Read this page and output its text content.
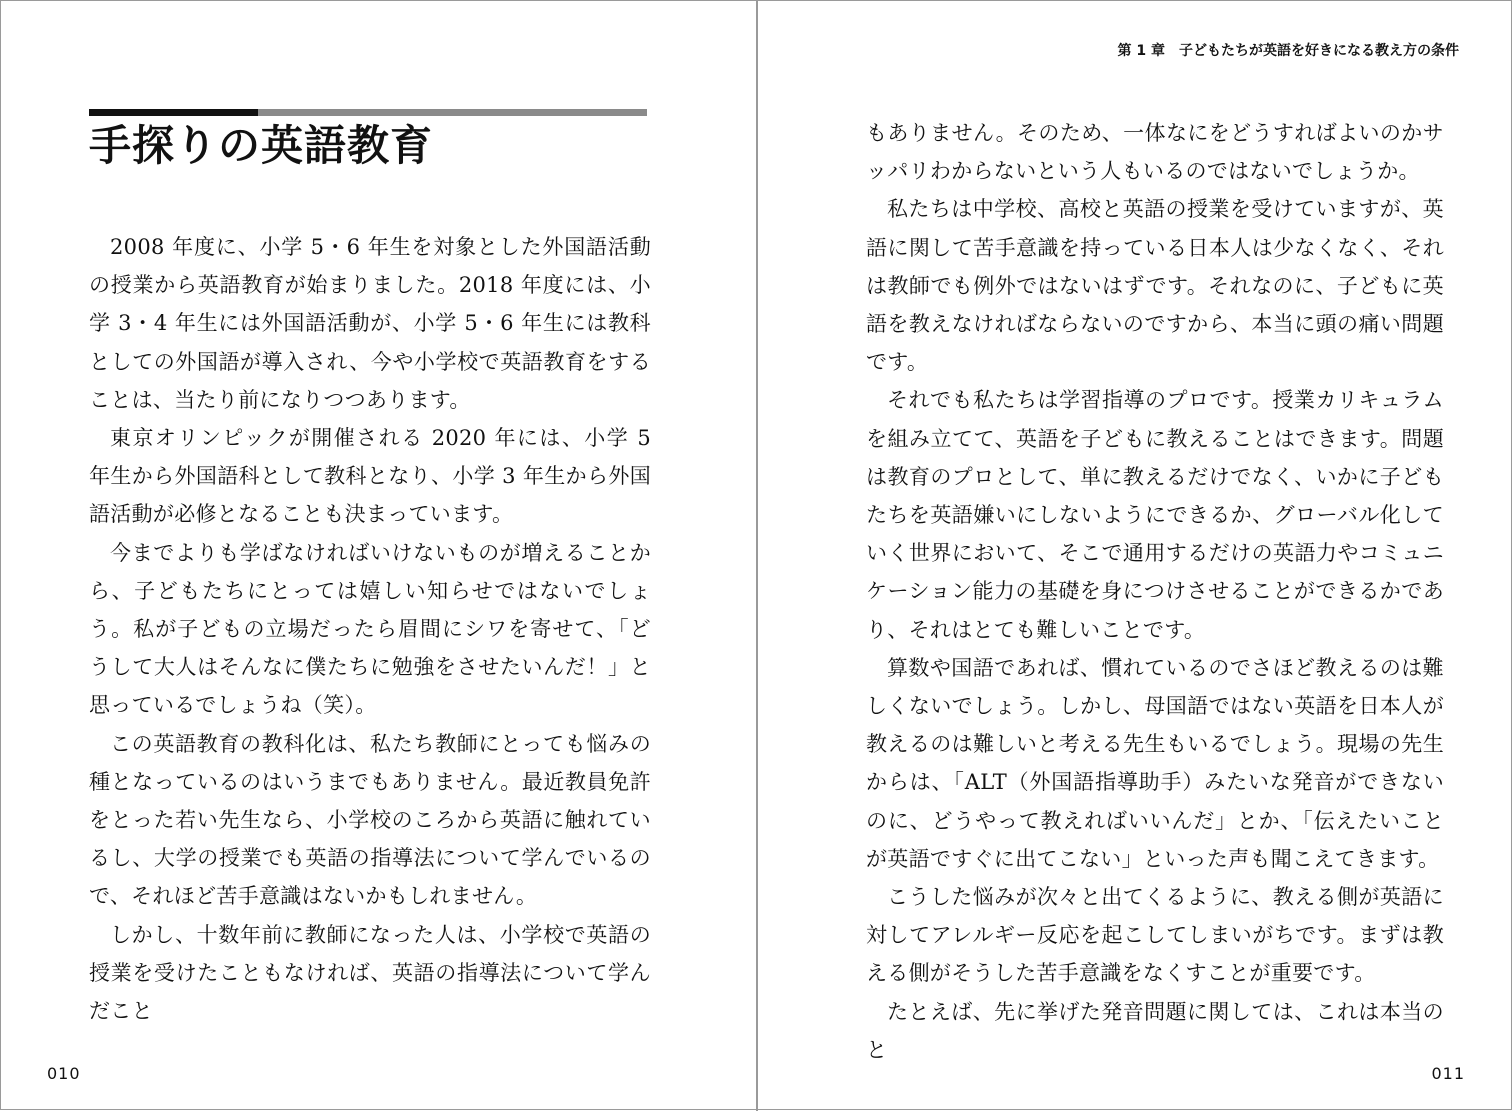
手探りの英語教育

2008 年度に、小学 5・6 年生を対象とした外国語活動の授業から英語教育が始まりました。2018 年度には、小学 3・4 年生には外国語活動が、小学 5・6 年生には教科としての外国語が導入され、今や小学校で英語教育をすることは、当たり前になりつつあります。

東京オリンピックが開催される 2020 年には、小学 5 年生から外国語科として教科となり、小学 3 年生から外国語活動が必修となることも決まっています。

今までよりも学ばなければいけないものが増えることから、子どもたちにとっては嬉しい知らせではないでしょう。私が子どもの立場だったら眉間にシワを寄せて、「どうして大人はそんなに僕たちに勉強をさせたいんだ！」と思っているでしょうね（笑）。

この英語教育の教科化は、私たち教師にとっても悩みの種となっているのはいうまでもありません。最近教員免許をとった若い先生なら、小学校のころから英語に触れているし、大学の授業でも英語の指導法について学んでいるので、それほど苦手意識はないかもしれません。

しかし、十数年前に教師になった人は、小学校で英語の授業を受けたこともなければ、英語の指導法について学んだこと

010
第 1 章　子どもたちが英語を好きになる教え方の条件

もありません。そのため、一体なにをどうすればよいのかサッパリわからないという人もいるのではないでしょうか。

私たちは中学校、高校と英語の授業を受けていますが、英語に関して苦手意識を持っている日本人は少なくなく、それは教師でも例外ではないはずです。それなのに、子どもに英語を教えなければならないのですから、本当に頭の痛い問題です。

それでも私たちは学習指導のプロです。授業カリキュラムを組み立てて、英語を子どもに教えることはできます。問題は教育のプロとして、単に教えるだけでなく、いかに子どもたちを英語嫌いにしないようにできるか、グローバル化していく世界において、そこで通用するだけの英語力やコミュニケーション能力の基礎を身につけさせることができるかであり、それはとても難しいことです。

算数や国語であれば、慣れているのでさほど教えるのは難しくないでしょう。しかし、母国語ではない英語を日本人が教えるのは難しいと考える先生もいるでしょう。現場の先生からは、「ALT（外国語指導助手）みたいな発音ができないのに、どうやって教えればいいんだ」とか、「伝えたいことが英語ですぐに出てこない」といった声も聞こえてきます。

こうした悩みが次々と出てくるように、教える側が英語に対してアレルギー反応を起こしてしまいがちです。まずは教える側がそうした苦手意識をなくすことが重要です。

たとえば、先に挙げた発音問題に関しては、これは本当のと

011
